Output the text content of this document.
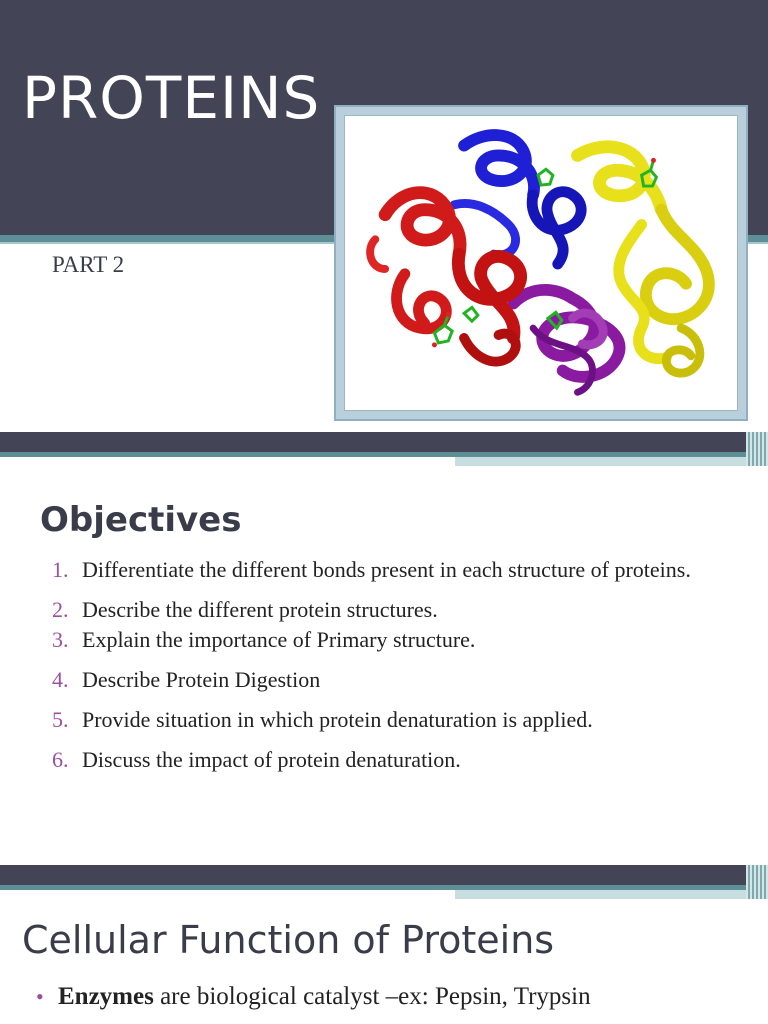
PROTEINS
PART 2
Objectives
1. Differentiate the different bonds present in each structure of proteins.
2. Describe the different protein structures.
3. Explain the importance of Primary structure.
4. Describe Protein Digestion
5. Provide situation in which protein denaturation is applied.
6. Discuss the impact of protein denaturation.
Cellular Function of Proteins
• Enzymes are biological catalyst –ex: Pepsin, Trypsin
